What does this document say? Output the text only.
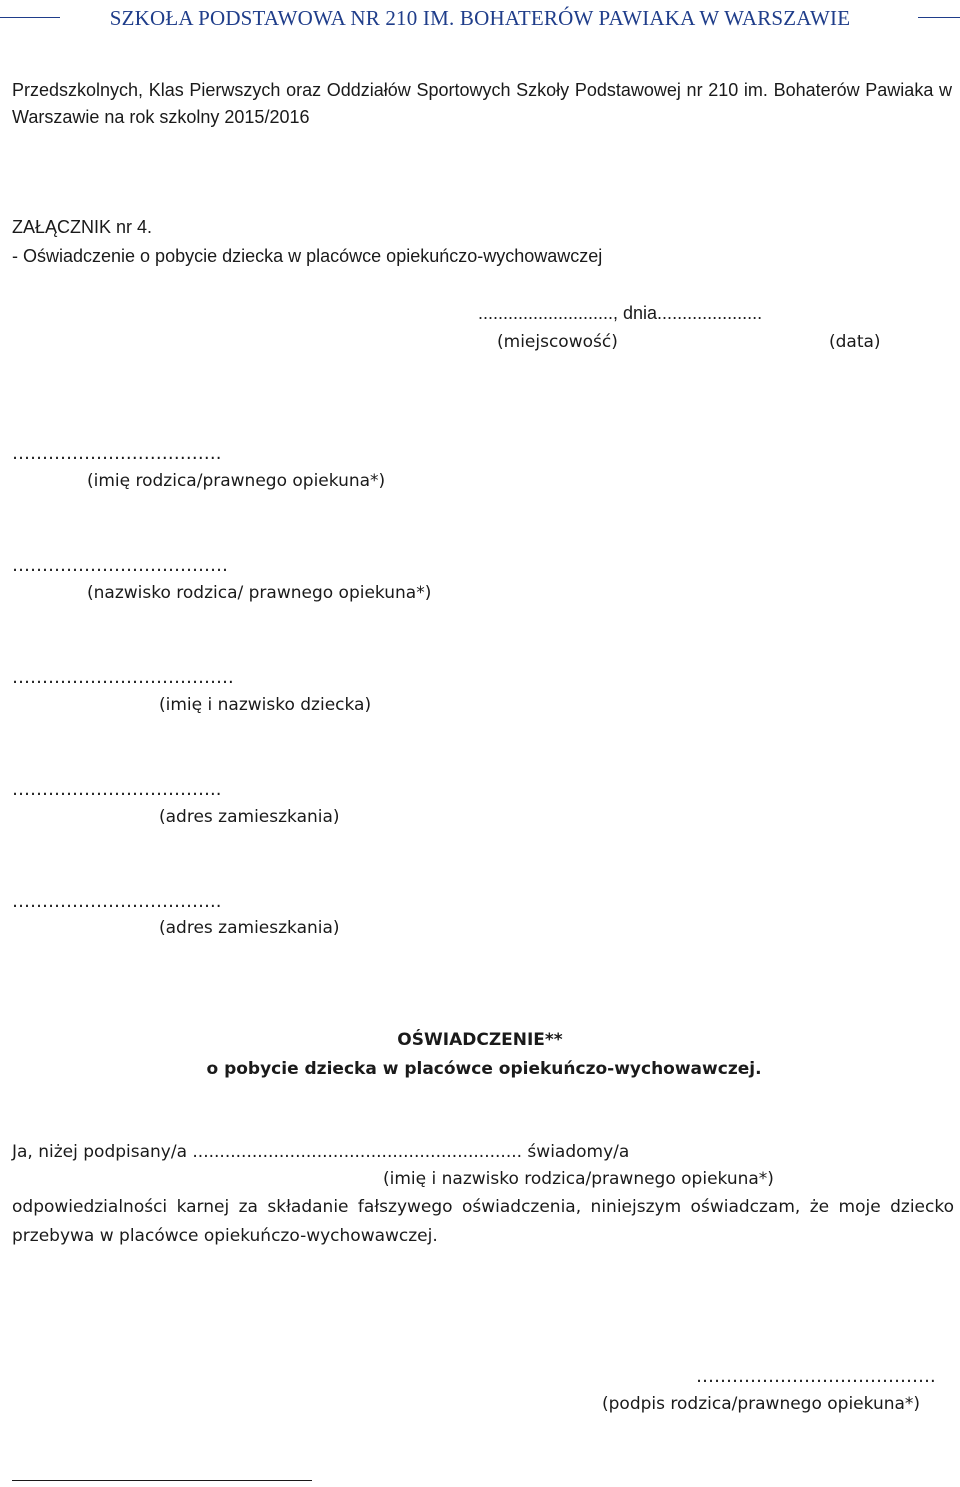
SZKOŁA PODSTAWOWA NR 210 IM. BOHATERÓW PAWIAKA W WARSZAWIE
Przedszkolnych, Klas Pierwszych oraz Oddziałów Sportowych Szkoły Podstawowej nr 210 im. Bohaterów Pawiaka w Warszawie na rok szkolny 2015/2016
ZAŁĄCZNIK nr 4.
- Oświadczenie o pobycie dziecka w placówce opiekuńczo-wychowawczej
..........................., dnia.....................
(miejscowość)	(data)
……………….…………….
(imię rodzica/prawnego opiekuna*)
………………………………
(nazwisko rodzica/ prawnego opiekuna*)
……………………………….
(imię i nazwisko dziecka)
……………………………..
(adres zamieszkania)
……………………………..
(adres zamieszkania)
OŚWIADCZENIE**
o pobycie dziecka w placówce opiekuńczo-wychowawczej.
Ja, niżej podpisany/a ............................................................. świadomy/a
(imię i nazwisko rodzica/prawnego opiekuna*)
odpowiedzialności karnej za składanie fałszywego oświadczenia, niniejszym oświadczam, że moje dziecko przebywa w placówce opiekuńczo-wychowawczej.
………………………………….
(podpis rodzica/prawnego opiekuna*)
